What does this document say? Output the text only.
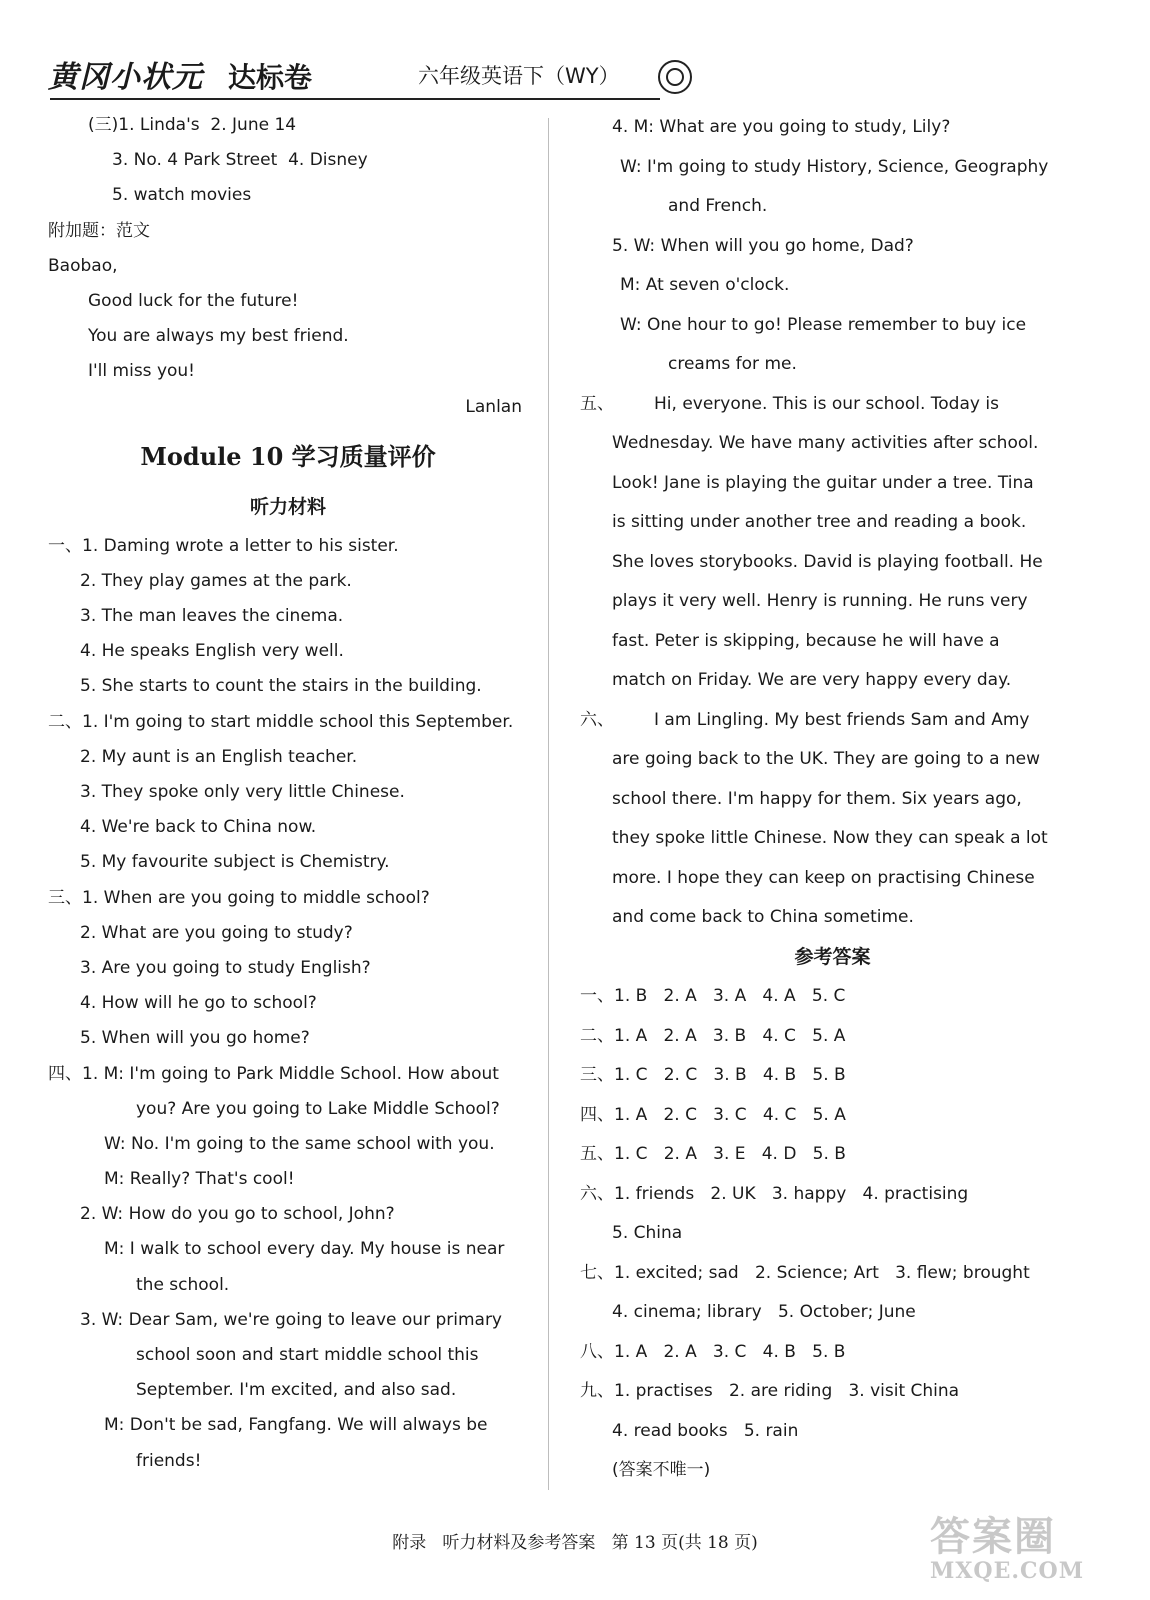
黄冈小状元 达标卷	六年级英语下（WY）
(三)1. Linda's 2. June 14
3. No. 4 Park Street 4. Disney
5. watch movies
附加题：范文
Baobao,
Good luck for the future!
You are always my best friend.
I'll miss you!
Lanlan
Module 10 学习质量评价
听力材料
一、1. Daming wrote a letter to his sister.
2. They play games at the park.
3. The man leaves the cinema.
4. He speaks English very well.
5. She starts to count the stairs in the building.
二、1. I'm going to start middle school this September.
2. My aunt is an English teacher.
3. They spoke only very little Chinese.
4. We're back to China now.
5. My favourite subject is Chemistry.
三、1. When are you going to middle school?
2. What are you going to study?
3. Are you going to study English?
4. How will he go to school?
5. When will you go home?
四、1. M: I'm going to Park Middle School. How about
you? Are you going to Lake Middle School?
W: No. I'm going to the same school with you.
M: Really? That's cool!
2. W: How do you go to school, John?
M: I walk to school every day. My house is near
the school.
3. W: Dear Sam, we're going to leave our primary
school soon and start middle school this
September. I'm excited, and also sad.
M: Don't be sad, Fangfang. We will always be
friends!
4. M: What are you going to study, Lily?
W: I'm going to study History, Science, Geography
and French.
5. W: When will you go home, Dad?
M: At seven o'clock.
W: One hour to go! Please remember to buy ice
creams for me.
五、 Hi, everyone. This is our school. Today is
Wednesday. We have many activities after school.
Look! Jane is playing the guitar under a tree. Tina
is sitting under another tree and reading a book.
She loves storybooks. David is playing football. He
plays it very well. Henry is running. He runs very
fast. Peter is skipping, because he will have a
match on Friday. We are very happy every day.
六、 I am Lingling. My best friends Sam and Amy
are going back to the UK. They are going to a new
school there. I'm happy for them. Six years ago,
they spoke little Chinese. Now they can speak a lot
more. I hope they can keep on practising Chinese
and come back to China sometime.
参考答案
一、1. B   2. A   3. A   4. A   5. C
二、1. A   2. A   3. B   4. C   5. A
三、1. C   2. C   3. B   4. B   5. B
四、1. A   2. C   3. C   4. C   5. A
五、1. C   2. A   3. E   4. D   5. B
六、1. friends   2. UK   3. happy   4. practising
5. China
七、1. excited; sad   2. Science; Art   3. flew; brought
4. cinema; library   5. October; June
八、1. A   2. A   3. C   4. B   5. B
九、1. practises   2. are riding   3. visit China
4. read books   5. rain
(答案不唯一)
附录   听力材料及参考答案   第 13 页(共 18 页)	答案圈
MXQE.COM
